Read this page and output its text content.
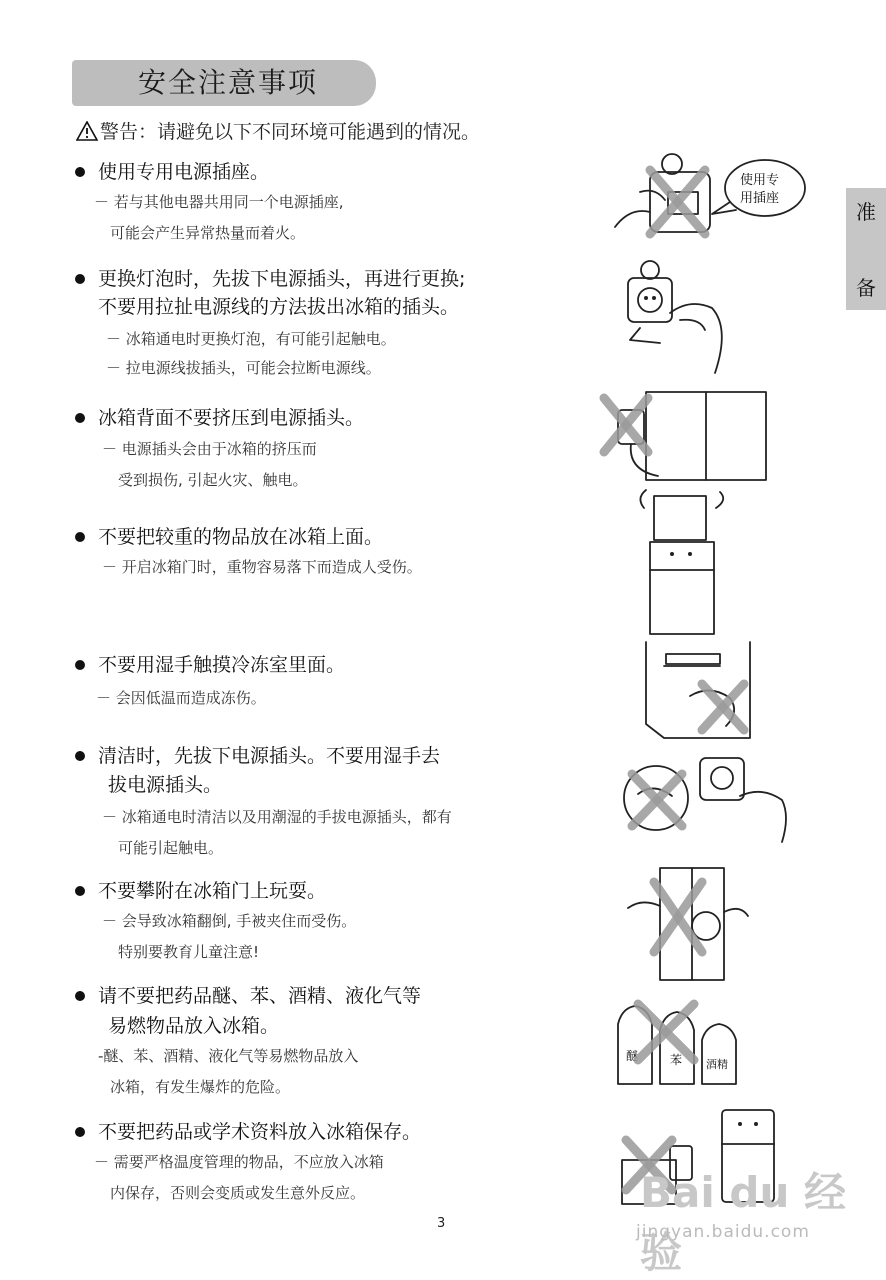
安全注意事项
准
备
警告：请避免以下不同环境可能遇到的情况。
使用专用电源插座。
－ 若与其他电器共用同一个电源插座,
可能会产生异常热量而着火。
更换灯泡时，先拔下电源插头，再进行更换;
不要用拉扯电源线的方法拔出冰箱的插头。
－ 冰箱通电时更换灯泡，有可能引起触电。
－ 拉电源线拔插头，可能会拉断电源线。
冰箱背面不要挤压到电源插头。
－ 电源插头会由于冰箱的挤压而
受到损伤, 引起火灾、触电。
不要把较重的物品放在冰箱上面。
－ 开启冰箱门时，重物容易落下而造成人受伤。
不要用湿手触摸冷冻室里面。
－ 会因低温而造成冻伤。
清洁时，先拔下电源插头。不要用湿手去
拔电源插头。
－ 冰箱通电时清洁以及用潮湿的手拔电源插头，都有
可能引起触电。
不要攀附在冰箱门上玩耍。
－ 会导致冰箱翻倒, 手被夹住而受伤。
特别要教育儿童注意!
请不要把药品醚、苯、酒精、液化气等
易燃物品放入冰箱。
-醚、苯、酒精、液化气等易燃物品放入
冰箱，有发生爆炸的危险。
不要把药品或学术资料放入冰箱保存。
－ 需要严格温度管理的物品，不应放入冰箱
内保存，否则会变质或发生意外反应。
使用专
用插座
醚	苯 酒精
3
Bai du 经验
jingyan.baidu.com
